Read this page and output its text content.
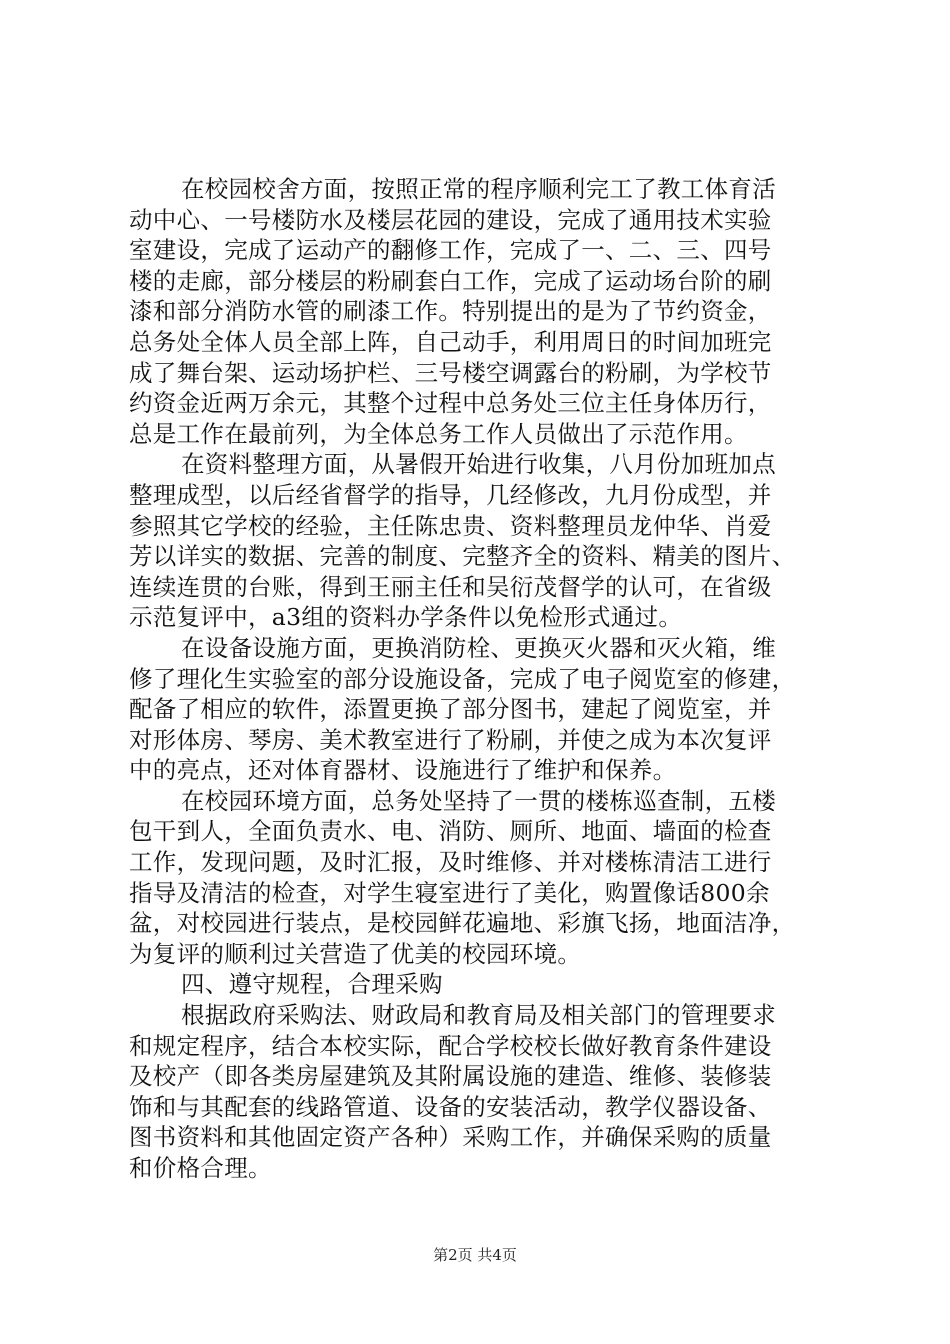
在校园校舍方面，按照正常的程序顺利完工了教工体育活
动中心、一号楼防水及楼层花园的建设，完成了通用技术实验
室建设，完成了运动产的翻修工作，完成了一、二、三、四号
楼的走廊，部分楼层的粉刷套白工作，完成了运动场台阶的刷
漆和部分消防水管的刷漆工作。特别提出的是为了节约资金，
总务处全体人员全部上阵，自己动手，利用周日的时间加班完
成了舞台架、运动场护栏、三号楼空调露台的粉刷，为学校节
约资金近两万余元，其整个过程中总务处三位主任身体历行，
总是工作在最前列，为全体总务工作人员做出了示范作用。
在资料整理方面，从暑假开始进行收集，八月份加班加点
整理成型，以后经省督学的指导，几经修改，九月份成型，并
参照其它学校的经验，主任陈忠贵、资料整理员龙仲华、肖爱
芳以详实的数据、完善的制度、完整齐全的资料、精美的图片、
连续连贯的台账，得到王丽主任和吴衍茂督学的认可，在省级
示范复评中，a3组的资料办学条件以免检形式通过。
在设备设施方面，更换消防栓、更换灭火器和灭火箱，维
修了理化生实验室的部分设施设备，完成了电子阅览室的修建，
配备了相应的软件，添置更换了部分图书，建起了阅览室，并
对形体房、琴房、美术教室进行了粉刷，并使之成为本次复评
中的亮点，还对体育器材、设施进行了维护和保养。
在校园环境方面，总务处坚持了一贯的楼栋巡查制，五楼
包干到人，全面负责水、电、消防、厕所、地面、墙面的检查
工作，发现问题，及时汇报，及时维修、并对楼栋清洁工进行
指导及清洁的检查，对学生寝室进行了美化，购置像话800余
盆，对校园进行装点，是校园鲜花遍地、彩旗飞扬，地面洁净，
为复评的顺利过关营造了优美的校园环境。
四、遵守规程，合理采购
根据政府采购法、财政局和教育局及相关部门的管理要求
和规定程序，结合本校实际，配合学校校长做好教育条件建设
及校产（即各类房屋建筑及其附属设施的建造、维修、装修装
饰和与其配套的线路管道、设备的安装活动，教学仪器设备、
图书资料和其他固定资产各种）采购工作，并确保采购的质量
和价格合理。
第2页 共4页
